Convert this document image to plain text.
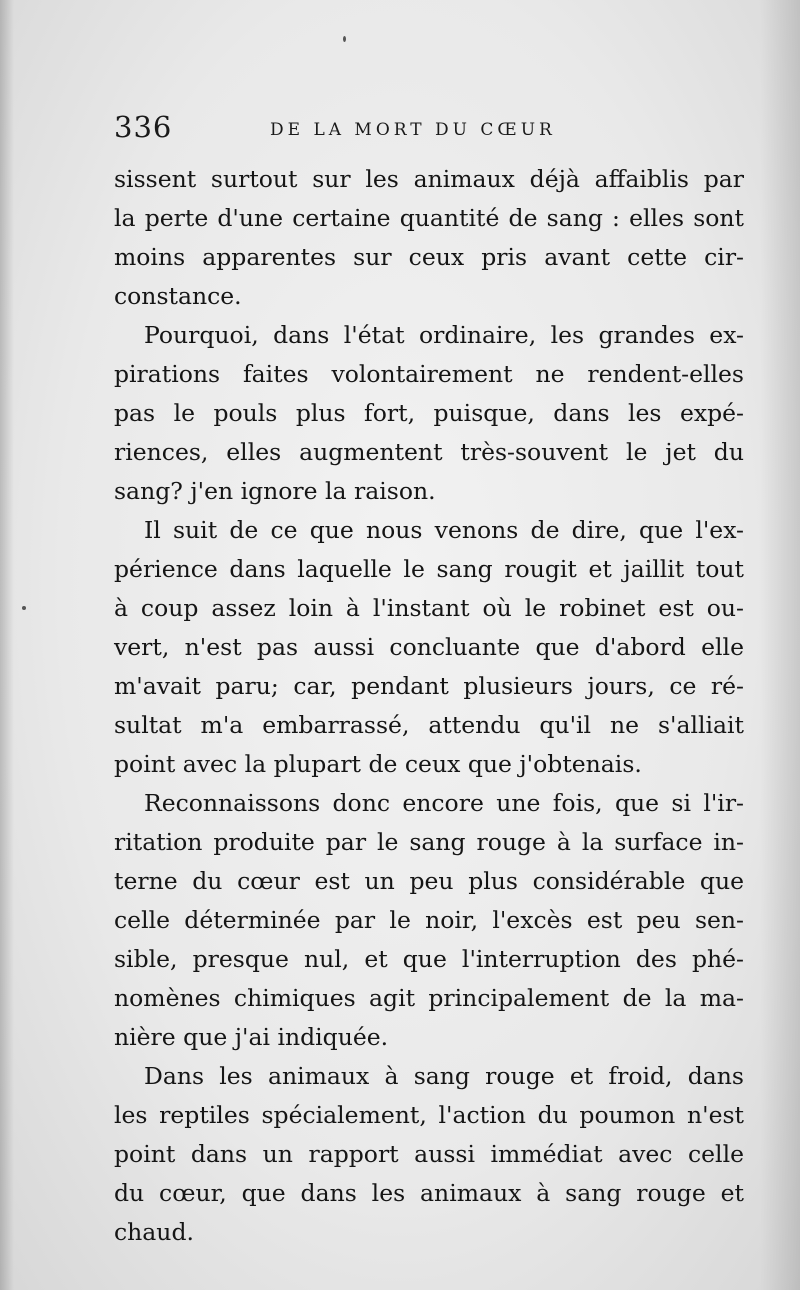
336	DE LA MORT DU CŒUR
sissent surtout sur les animaux déjà affaiblis par
la perte d'une certaine quantité de sang : elles sont
moins apparentes sur ceux pris avant cette cir-
constance.
Pourquoi, dans l'état ordinaire, les grandes ex-
pirations faites volontairement ne rendent-elles
pas le pouls plus fort, puisque, dans les expé-
riences, elles augmentent très-souvent le jet du
sang? j'en ignore la raison.
Il suit de ce que nous venons de dire, que l'ex-
périence dans laquelle le sang rougit et jaillit tout
à coup assez loin à l'instant où le robinet est ou-
vert, n'est pas aussi concluante que d'abord elle
m'avait paru; car, pendant plusieurs jours, ce ré-
sultat m'a embarrassé, attendu qu'il ne s'alliait
point avec la plupart de ceux que j'obtenais.
Reconnaissons donc encore une fois, que si l'ir-
ritation produite par le sang rouge à la surface in-
terne du cœur est un peu plus considérable que
celle déterminée par le noir, l'excès est peu sen-
sible, presque nul, et que l'interruption des phé-
nomènes chimiques agit principalement de la ma-
nière que j'ai indiquée.
Dans les animaux à sang rouge et froid, dans
les reptiles spécialement, l'action du poumon n'est
point dans un rapport aussi immédiat avec celle
du cœur, que dans les animaux à sang rouge et
chaud.
